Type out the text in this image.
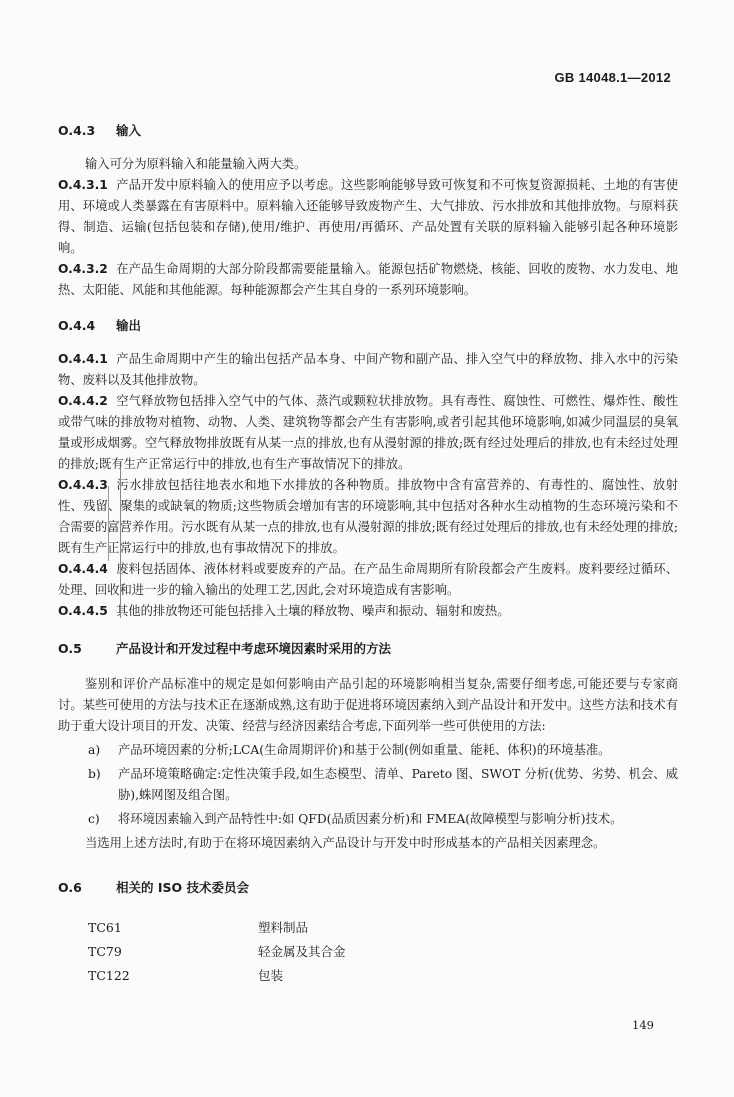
GB 14048.1—2012
O.4.3 输入

输入可分为原料输入和能量输入两大类。

O.4.3.1 产品开发中原料输入的使用应予以考虑。这些影响能够导致可恢复和不可恢复资源损耗、土地的有害使用、环境或人类暴露在有害原料中。原料输入还能够导致废物产生、大气排放、污水排放和其他排放物。与原料获得、制造、运输(包括包装和存储),使用/维护、再使用/再循环、产品处置有关联的原料输入能够引起各种环境影响。

O.4.3.2 在产品生命周期的大部分阶段都需要能量输入。能源包括矿物燃烧、核能、回收的废物、水力发电、地热、太阳能、风能和其他能源。每种能源都会产生其自身的一系列环境影响。

O.4.4 输出

O.4.4.1 产品生命周期中产生的输出包括产品本身、中间产物和副产品、排入空气中的释放物、排入水中的污染物、废料以及其他排放物。

O.4.4.2 空气释放物包括排入空气中的气体、蒸汽或颗粒状排放物。具有毒性、腐蚀性、可燃性、爆炸性、酸性或带气味的排放物对植物、动物、人类、建筑物等都会产生有害影响,或者引起其他环境影响,如减少同温层的臭氧量或形成烟雾。空气释放物排放既有从某一点的排放,也有从漫射源的排放;既有经过处理后的排放,也有未经过处理的排放;既有生产正常运行中的排放,也有生产事故情况下的排放。

O.4.4.3 污水排放包括往地表水和地下水排放的各种物质。排放物中含有富营养的、有毒性的、腐蚀性、放射性、残留、聚集的或缺氧的物质;这些物质会增加有害的环境影响,其中包括对各种水生动植物的生态环境污染和不合需要的富营养作用。污水既有从某一点的排放,也有从漫射源的排放;既有经过处理后的排放,也有未经处理的排放;既有生产正常运行中的排放,也有事故情况下的排放。

O.4.4.4 废料包括固体、液体材料或要废弃的产品。在产品生命周期所有阶段都会产生废料。废料要经过循环、处理、回收和进一步的输入输出的处理工艺,因此,会对环境造成有害影响。

O.4.4.5 其他的排放物还可能包括排入土壤的释放物、噪声和振动、辐射和废热。

O.5	产品设计和开发过程中考虑环境因素时采用的方法

鉴别和评价产品标准中的规定是如何影响由产品引起的环境影响相当复杂,需要仔细考虑,可能还要与专家商讨。某些可使用的方法与技术正在逐渐成熟,这有助于促进将环境因素纳入到产品设计和开发中。这些方法和技术有助于重大设计项目的开发、决策、经营与经济因素结合考虑,下面列举一些可供使用的方法:

a)	产品环境因素的分析;LCA(生命周期评价)和基于公制(例如重量、能耗、体积)的环境基准。
b)	产品环境策略确定:定性决策手段,如生态模型、清单、Pareto 图、SWOT 分析(优势、劣势、机会、威胁),蛛网图及组合图。
c)	将环境因素输入到产品特性中:如 QFD(品质因素分析)和 FMEA(故障模型与影响分析)技术。

当选用上述方法时,有助于在将环境因素纳入产品设计与开发中时形成基本的产品相关因素理念。

O.6	相关的 ISO 技术委员会
TC61	塑料制品
TC79	轻金属及其合金
TC122	包装
149
